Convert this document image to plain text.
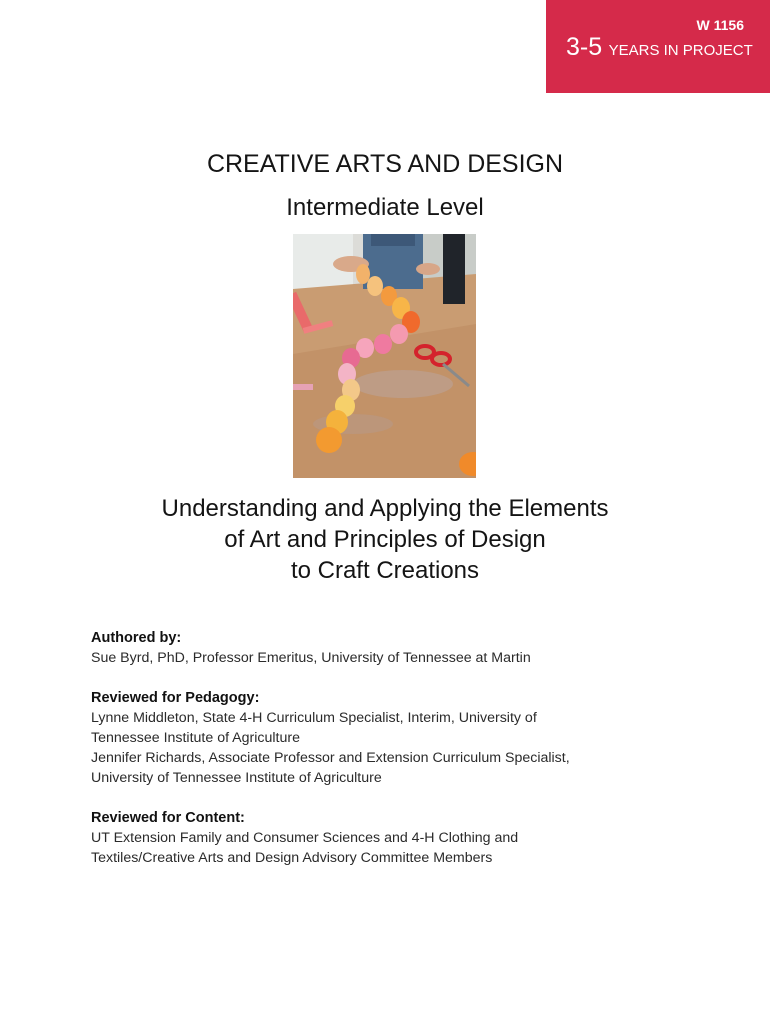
W 1156
3-5 YEARS IN PROJECT
CREATIVE ARTS AND DESIGN
Intermediate Level
Understanding and Applying the Elements
of Art and Principles of Design
to Craft Creations
Authored by:
Sue Byrd, PhD, Professor Emeritus, University of Tennessee at Martin
Reviewed for Pedagogy:
Lynne Middleton, State 4-H Curriculum Specialist, Interim, University of
Tennessee Institute of Agriculture
Jennifer Richards, Associate Professor and Extension Curriculum Specialist,
University of Tennessee Institute of Agriculture
Reviewed for Content:
UT Extension Family and Consumer Sciences and 4-H Clothing and
Textiles/Creative Arts and Design Advisory Committee Members
